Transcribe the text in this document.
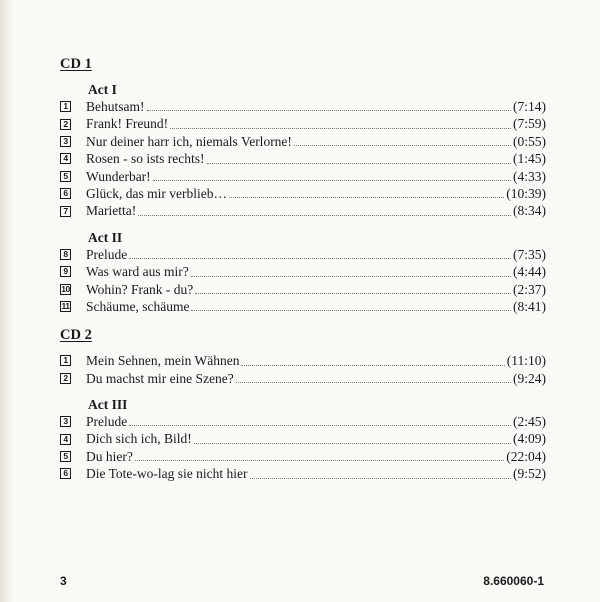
CD 1
Act I
1 Behutsam!	(7:14)
2 Frank! Freund!	(7:59)
3 Nur deiner harr ich, niemals Verlorne!	(0:55)
4 Rosen - so ists rechts!	(1:45)
5 Wunderbar!	(4:33)
6 Glück, das mir verblieb…	(10:39)
7 Marietta!	(8:34)
Act II
8 Prelude	(7:35)
9 Was ward aus mir?	(4:44)
10 Wohin? Frank - du?	(2:37)
11 Schäume, schäume	(8:41)
CD 2
1 Mein Sehnen, mein Wähnen	(11:10)
2 Du machst mir eine Szene?	(9:24)
Act III
3 Prelude	(2:45)
4 Dich sich ich, Bild!	(4:09)
5 Du hier?	(22:04)
6 Die Tote-wo-lag sie nicht hier	(9:52)
3	8.660060-1
